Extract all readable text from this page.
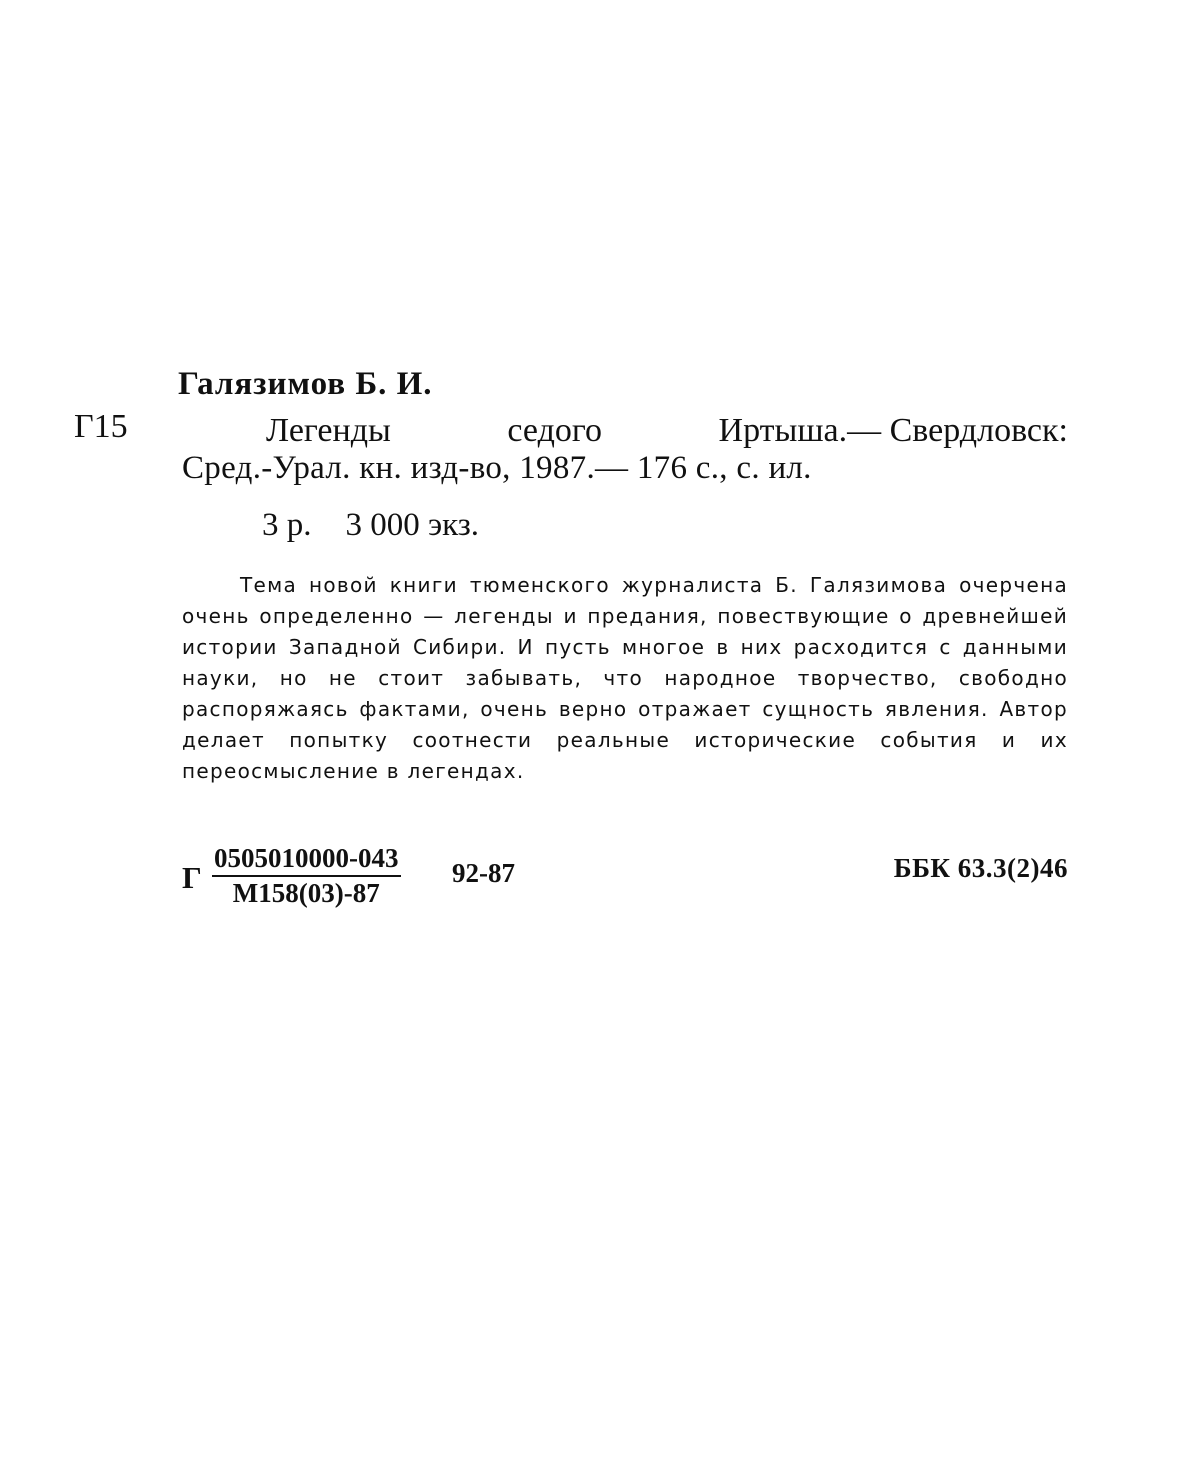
Галязимов Б. И.
Г15	Легенды	седого	Иртыша.— Свердловск:
Сред.-Урал. кн. изд-во, 1987.— 176 с., с. ил.
3 р. 3 000 экз.
Тема новой книги тюменского журналиста Б. Галязимова очерчена очень определенно — легенды и предания, повествующие о древнейшей истории Западной Сибири. И пусть многое в них расходится с данными науки, но не стоит забывать, что народное творчество, свободно распоряжаясь фактами, очень верно отражает сущность явления. Автор делает попытку соотнести реальные исторические события и их переосмысление в легендах.
Г
0505010000-043
М158(03)-87
92-87	ББК 63.3(2)46
